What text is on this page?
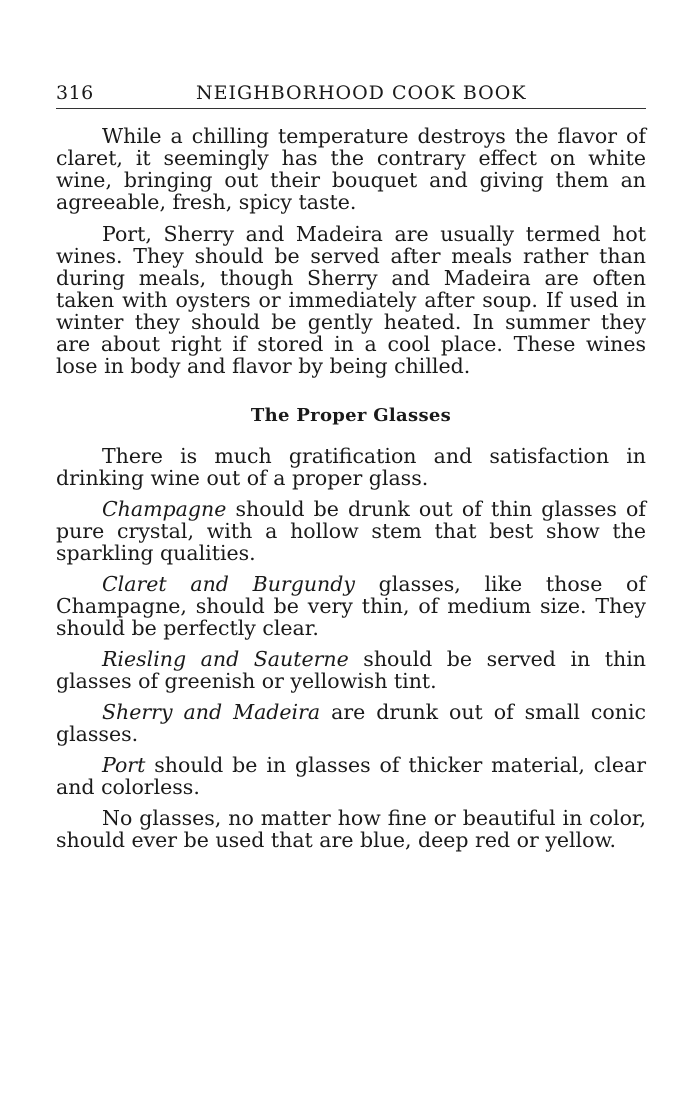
316	NEIGHBORHOOD COOK BOOK

While a chilling temperature destroys the flavor of claret, it seemingly has the contrary effect on white wine, bringing out their bouquet and giving them an agreeable, fresh, spicy taste.

Port, Sherry and Madeira are usually termed hot wines. They should be served after meals rather than during meals, though Sherry and Madeira are often taken with oysters or immediately after soup. If used in winter they should be gently heated. In summer they are about right if stored in a cool place. These wines lose in body and flavor by being chilled.

The Proper Glasses

There is much gratification and satisfaction in drinking wine out of a proper glass.

Champagne should be drunk out of thin glasses of pure crystal, with a hollow stem that best show the sparkling qualities.

Claret and Burgundy glasses, like those of Champagne, should be very thin, of medium size. They should be perfectly clear.

Riesling and Sauterne should be served in thin glasses of greenish or yellowish tint.

Sherry and Madeira are drunk out of small conic glasses.

Port should be in glasses of thicker material, clear and colorless.

No glasses, no matter how fine or beautiful in color, should ever be used that are blue, deep red or yellow.
